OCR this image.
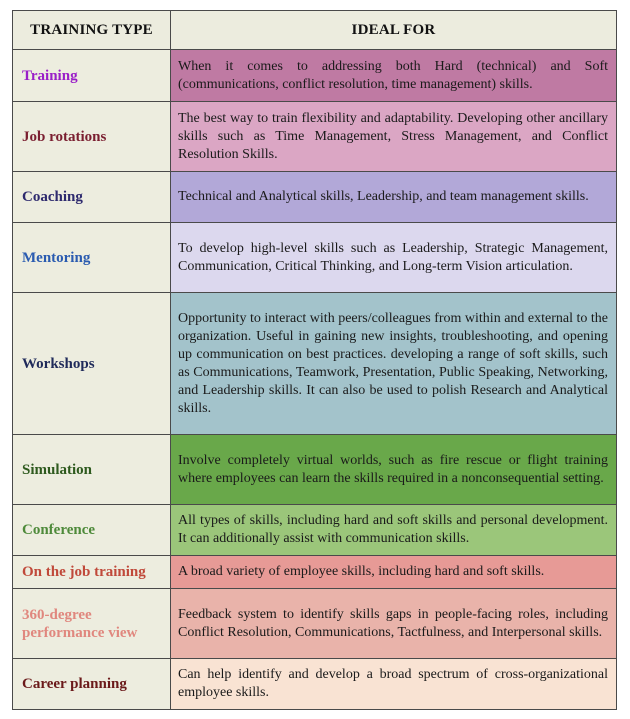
TRAINING TYPE	IDEAL FOR
Training	When it comes to addressing both Hard (technical) and Soft (communications, conflict resolution, time management) skills.
Job rotations	The best way to train flexibility and adaptability. Developing other ancillary skills such as Time Management, Stress Management, and Conflict Resolution Skills.
Coaching	Technical and Analytical skills, Leadership, and team management skills.
Mentoring	To develop high-level skills such as Leadership, Strategic Management, Communication, Critical Thinking, and Long-term Vision articulation.
Workshops	Opportunity to interact with peers/colleagues from within and external to the organization. Useful in gaining new insights, troubleshooting, and opening up communication on best practices. developing a range of soft skills, such as Communications, Teamwork, Presentation, Public Speaking, Networking, and Leadership skills. It can also be used to polish Research and Analytical skills.
Simulation	Involve completely virtual worlds, such as fire rescue or flight training where employees can learn the skills required in a nonconsequential setting.
Conference	All types of skills, including hard and soft skills and personal development. It can additionally assist with communication skills.
On the job training	A broad variety of employee skills, including hard and soft skills.
360-degree performance view	Feedback system to identify skills gaps in people-facing roles, including Conflict Resolution, Communications, Tactfulness, and Interpersonal skills.
Career planning	Can help identify and develop a broad spectrum of cross-organizational employee skills.
